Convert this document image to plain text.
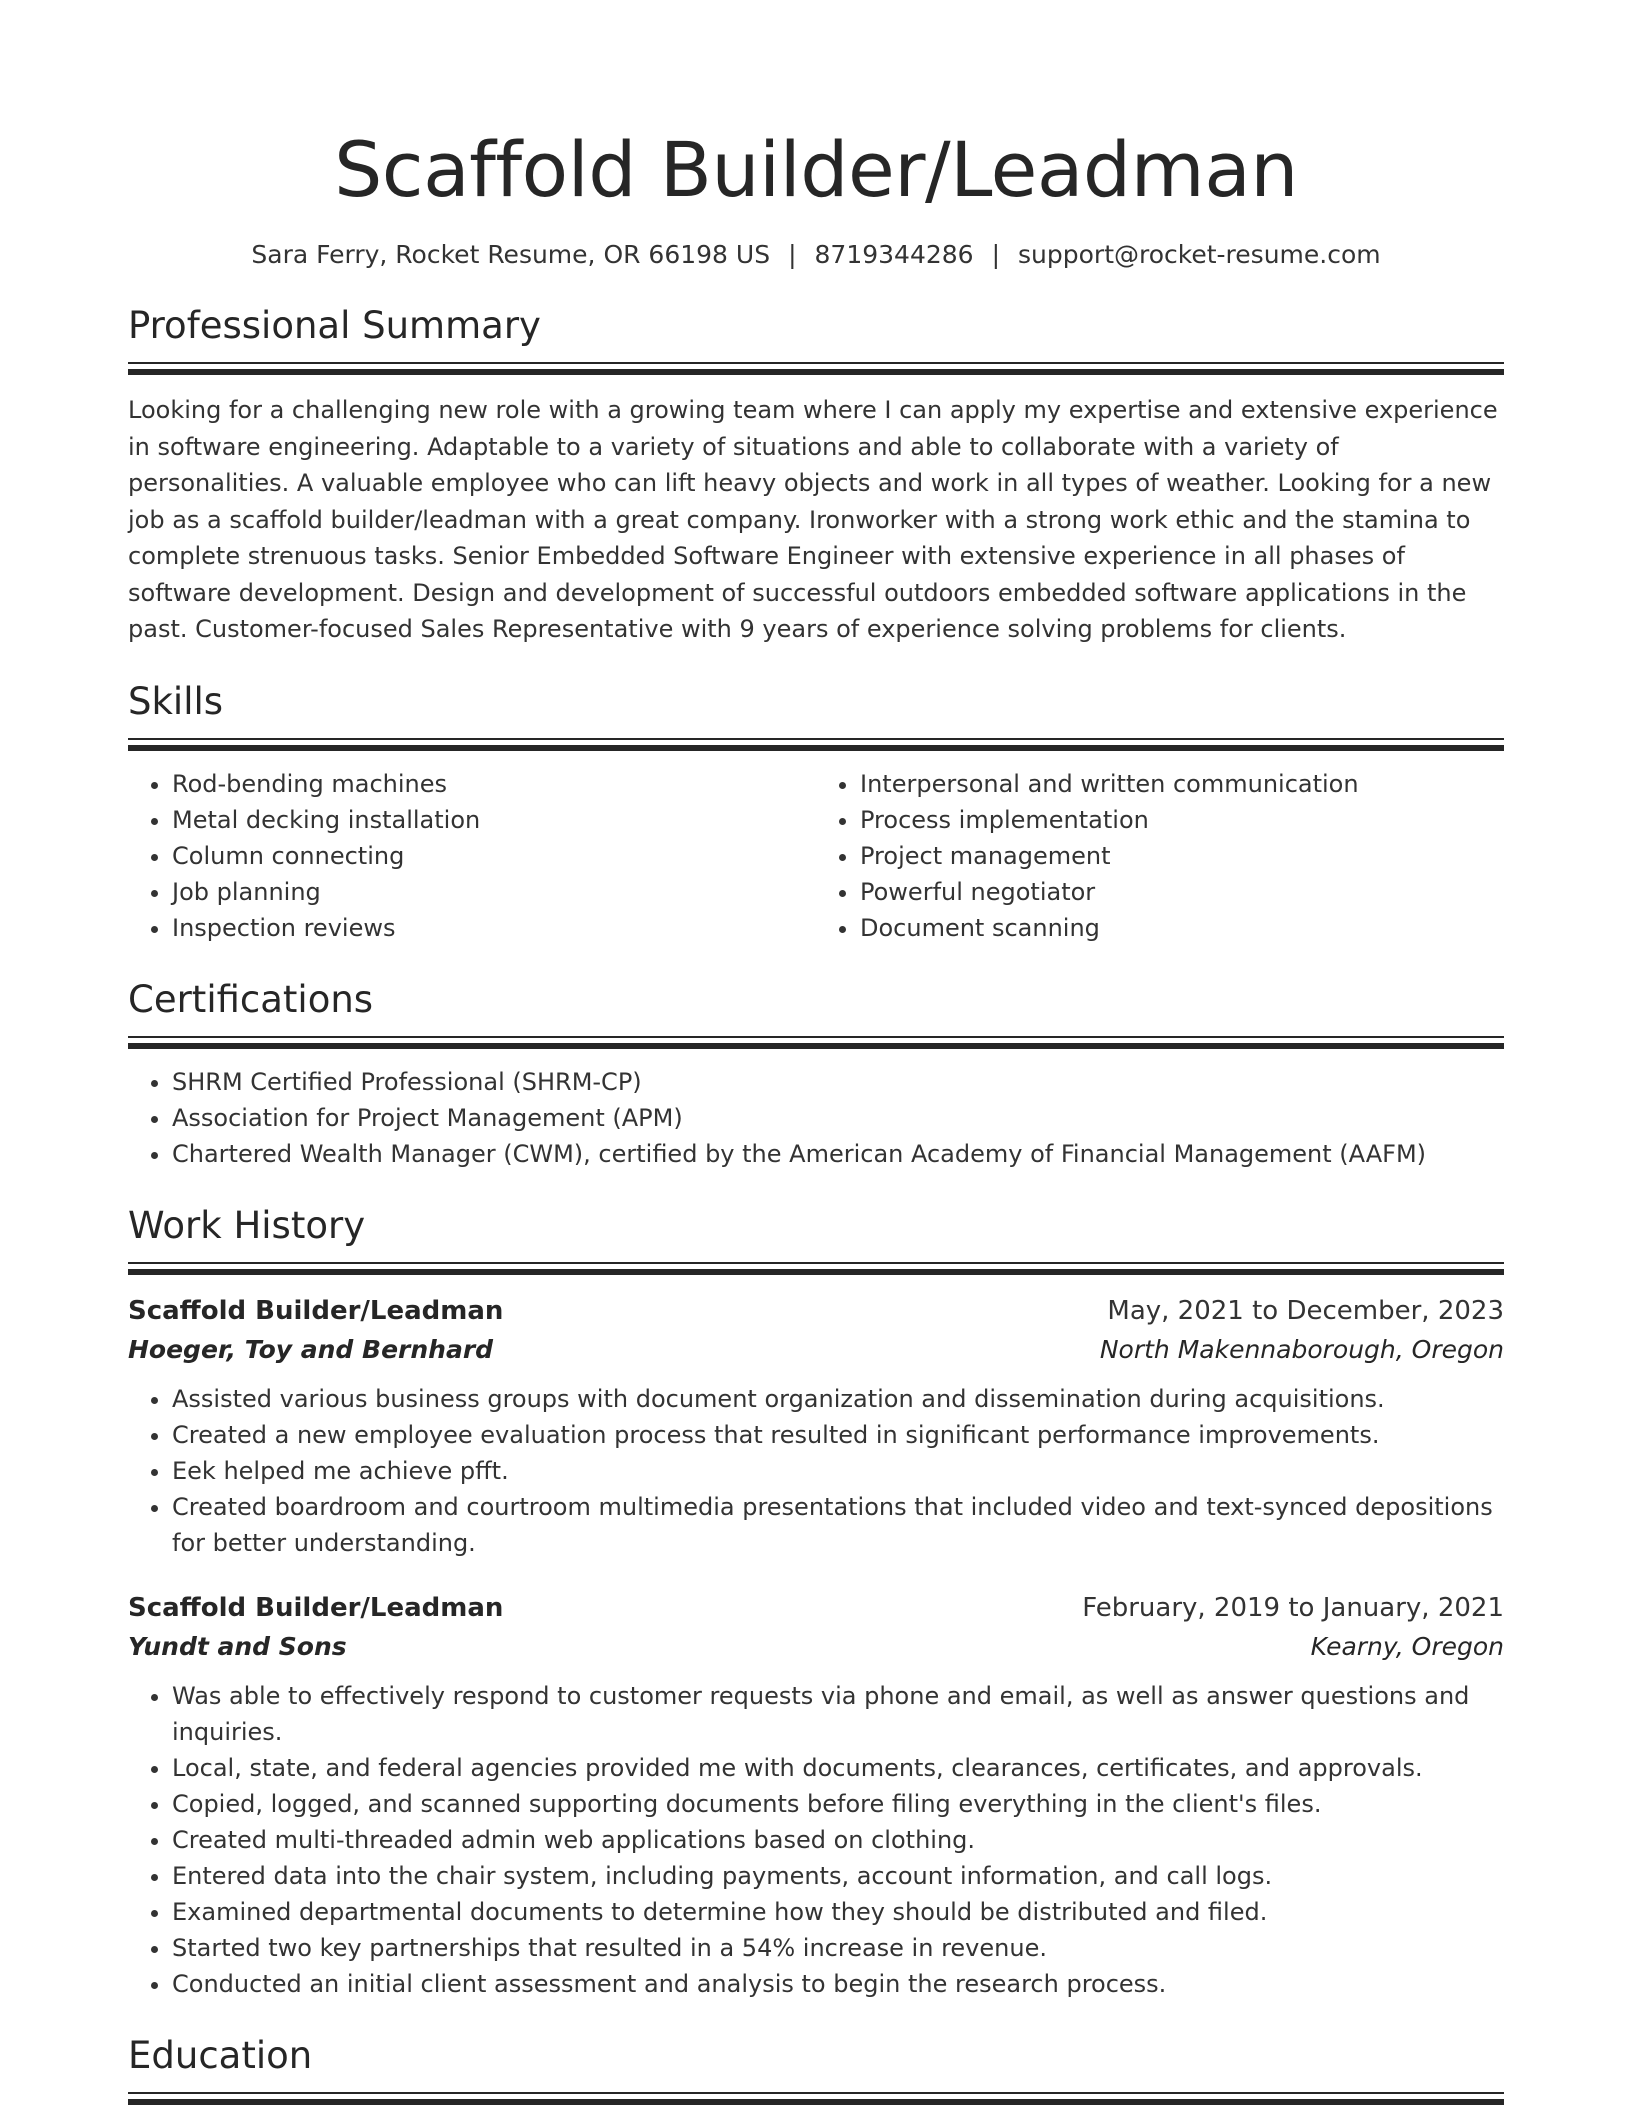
Scaffold Builder/Leadman
Sara Ferry, Rocket Resume, OR 66198 US | 8719344286 | support@rocket-resume.com
Professional Summary

Looking for a challenging new role with a growing team where I can apply my expertise and extensive experience in software engineering. Adaptable to a variety of situations and able to collaborate with a variety of personalities. A valuable employee who can lift heavy objects and work in all types of weather. Looking for a new job as a scaffold builder/leadman with a great company. Ironworker with a strong work ethic and the stamina to complete strenuous tasks. Senior Embedded Software Engineer with extensive experience in all phases of software development. Design and development of successful outdoors embedded software applications in the past. Customer-focused Sales Representative with 9 years of experience solving problems for clients.

Skills
• Rod-bending machines
• Metal decking installation
• Column connecting
• Job planning
• Inspection reviews
• Interpersonal and written communication
• Process implementation
• Project management
• Powerful negotiator
• Document scanning
Certifications
• SHRM Certified Professional (SHRM-CP)
• Association for Project Management (APM)
• Chartered Wealth Manager (CWM), certified by the American Academy of Financial Management (AAFM)
Work History
Scaffold Builder/Leadman	May, 2021 to December, 2023
Hoeger, Toy and Bernhard	North Makennaborough, Oregon
• Assisted various business groups with document organization and dissemination during acquisitions.
• Created a new employee evaluation process that resulted in significant performance improvements.
• Eek helped me achieve pfft.
• Created boardroom and courtroom multimedia presentations that included video and text-synced depositions for better understanding.
Scaffold Builder/Leadman	February, 2019 to January, 2021
Yundt and Sons	Kearny, Oregon
• Was able to effectively respond to customer requests via phone and email, as well as answer questions and inquiries.
• Local, state, and federal agencies provided me with documents, clearances, certificates, and approvals.
• Copied, logged, and scanned supporting documents before filing everything in the client's files.
• Created multi-threaded admin web applications based on clothing.
• Entered data into the chair system, including payments, account information, and call logs.
• Examined departmental documents to determine how they should be distributed and filed.
• Started two key partnerships that resulted in a 54% increase in revenue.
• Conducted an initial client assessment and analysis to begin the research process.
Education
